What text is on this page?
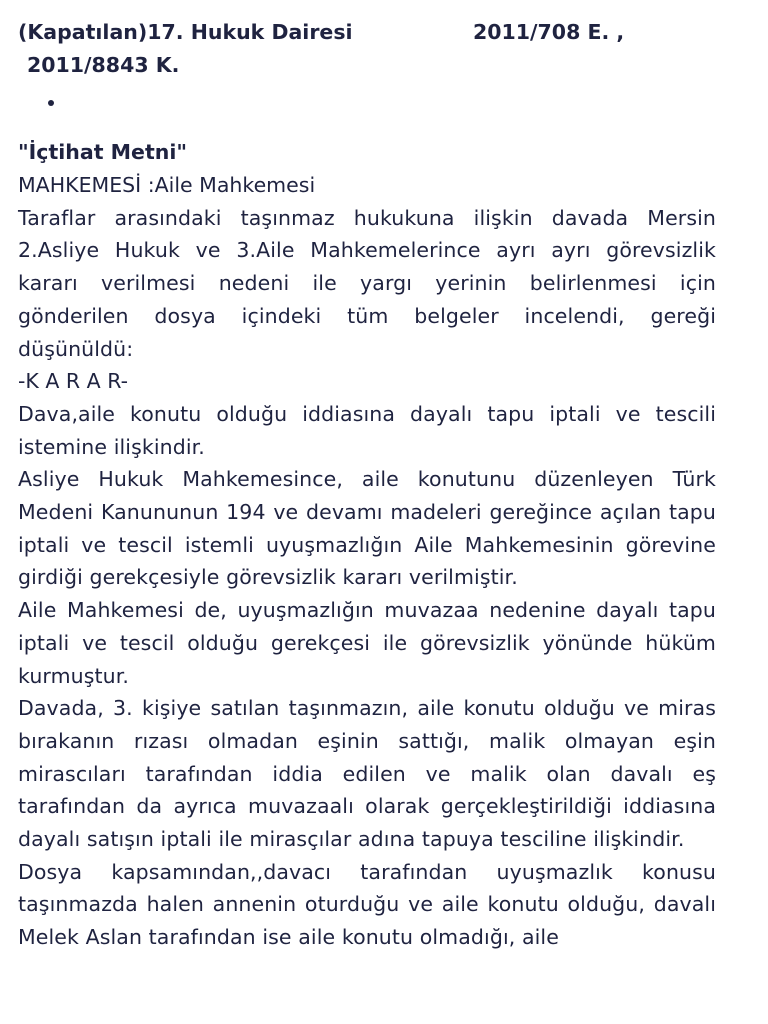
(Kapatılan)17. Hukuk Dairesi	2011/708 E. ,
2011/8843 K.
"İçtihat Metni"

MAHKEMESİ :Aile Mahkemesi

Taraflar arasındaki taşınmaz hukukuna ilişkin davada Mersin 2.Asliye Hukuk ve 3.Aile Mahkemelerince ayrı ayrı görevsizlik kararı verilmesi nedeni ile yargı yerinin belirlenmesi için gönderilen dosya içindeki tüm belgeler incelendi, gereği düşünüldü:

-K A R A R-

Dava,aile konutu olduğu iddiasına dayalı tapu iptali ve tescili istemine ilişkindir.

Asliye Hukuk Mahkemesince, aile konutunu düzenleyen Türk Medeni Kanununun 194 ve devamı madeleri gereğince açılan tapu iptali ve tescil istemli uyuşmazlığın Aile Mahkemesinin görevine girdiği gerekçesiyle görevsizlik kararı verilmiştir.

Aile Mahkemesi de, uyuşmazlığın muvazaa nedenine dayalı tapu iptali ve tescil olduğu gerekçesi ile görevsizlik yönünde hüküm kurmuştur.

Davada, 3. kişiye satılan taşınmazın, aile konutu olduğu ve miras bırakanın rızası olmadan eşinin sattığı, malik olmayan eşin mirascıları tarafından iddia edilen ve malik olan davalı eş tarafından da ayrıca muvazaalı olarak gerçekleştirildiği iddiasına dayalı satışın iptali ile mirasçılar adına tapuya tesciline ilişkindir.

Dosya kapsamından,,davacı tarafından uyuşmazlık konusu taşınmazda halen annenin oturduğu ve aile konutu olduğu, davalı Melek Aslan tarafından ise aile konutu olmadığı, aile
